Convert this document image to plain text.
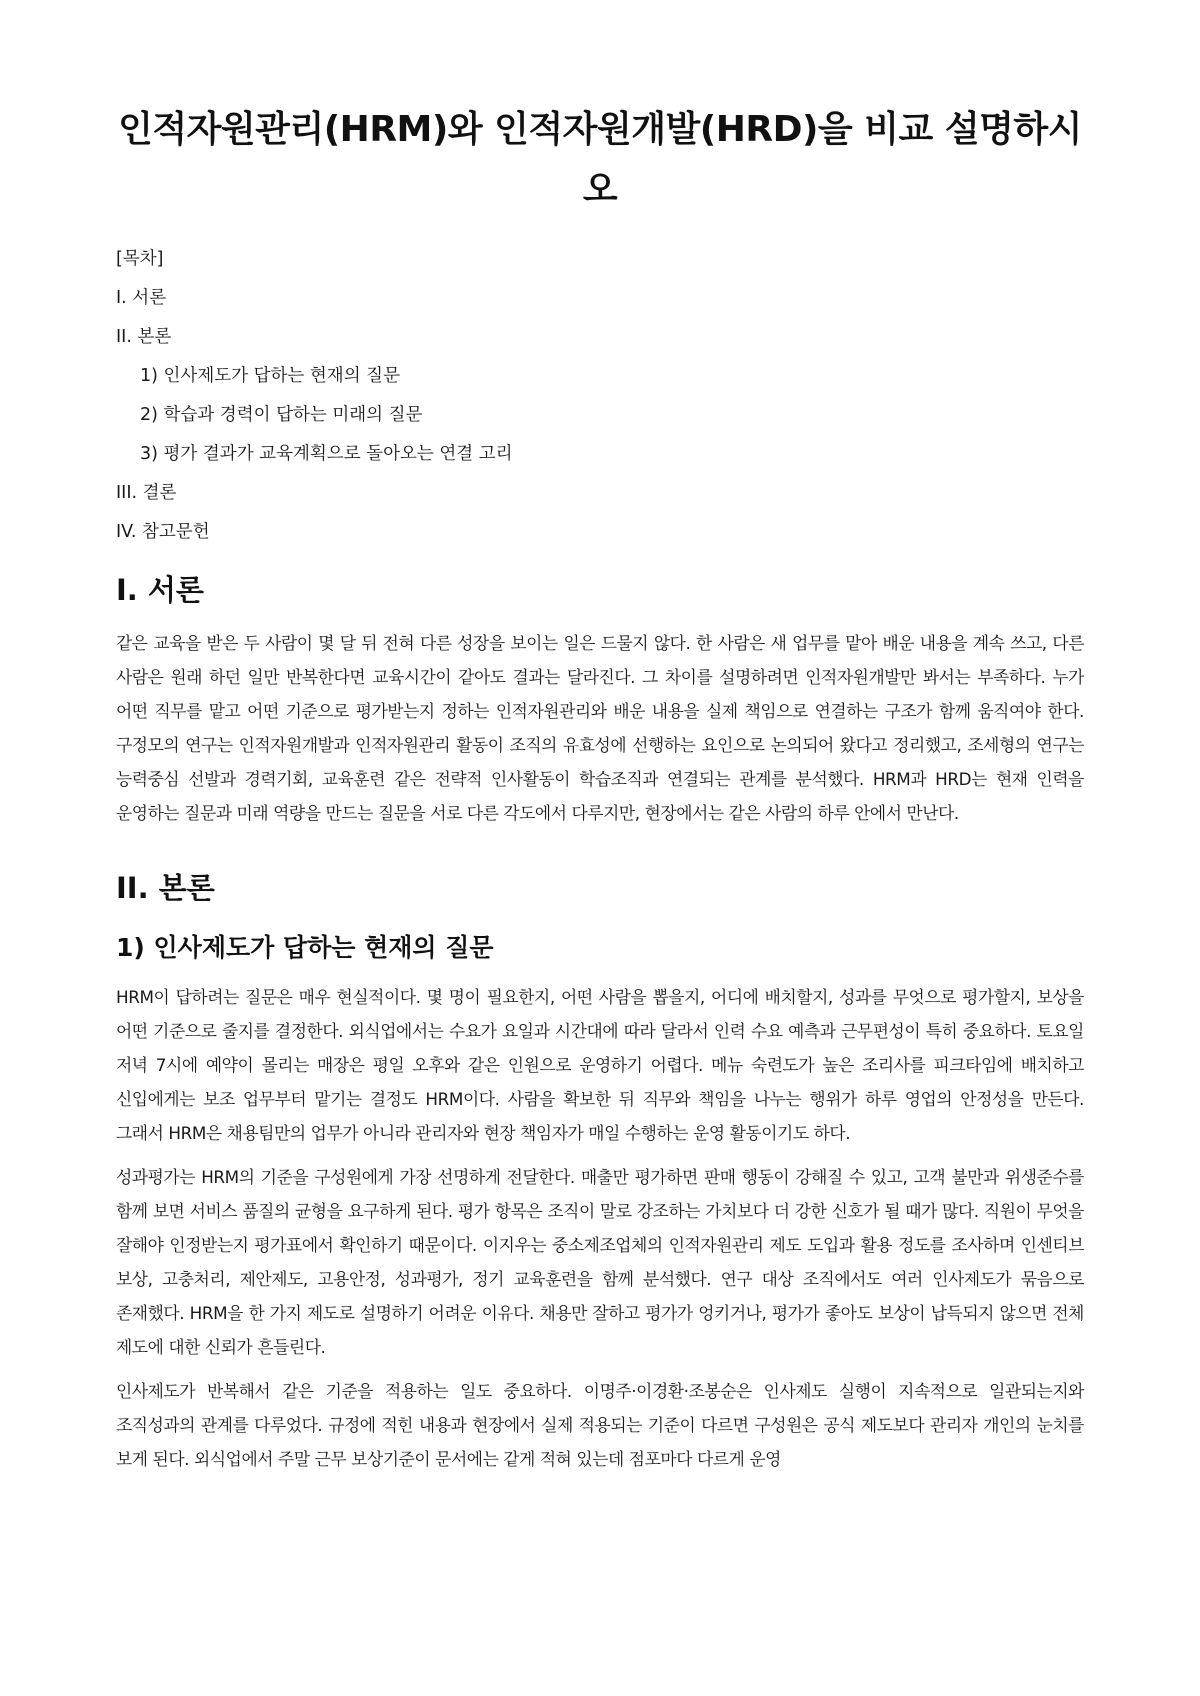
인적자원관리(HRM)와 인적자원개발(HRD)을 비교 설명하시오
[목차]
I. 서론
II. 본론
1) 인사제도가 답하는 현재의 질문
2) 학습과 경력이 답하는 미래의 질문
3) 평가 결과가 교육계획으로 돌아오는 연결 고리
III. 결론
IV. 참고문헌
I. 서론

같은 교육을 받은 두 사람이 몇 달 뒤 전혀 다른 성장을 보이는 일은 드물지 않다. 한 사람은 새 업무를 맡아 배운 내용을 계속 쓰고, 다른 사람은 원래 하던 일만 반복한다면 교육시간이 같아도 결과는 달라진다. 그 차이를 설명하려면 인적자원개발만 봐서는 부족하다. 누가 어떤 직무를 맡고 어떤 기준으로 평가받는지 정하는 인적자원관리와 배운 내용을 실제 책임으로 연결하는 구조가 함께 움직여야 한다. 구정모의 연구는 인적자원개발과 인적자원관리 활동이 조직의 유효성에 선행하는 요인으로 논의되어 왔다고 정리했고, 조세형의 연구는 능력중심 선발과 경력기회, 교육훈련 같은 전략적 인사활동이 학습조직과 연결되는 관계를 분석했다. HRM과 HRD는 현재 인력을 운영하는 질문과 미래 역량을 만드는 질문을 서로 다른 각도에서 다루지만, 현장에서는 같은 사람의 하루 안에서 만난다.

II. 본론
1) 인사제도가 답하는 현재의 질문

HRM이 답하려는 질문은 매우 현실적이다. 몇 명이 필요한지, 어떤 사람을 뽑을지, 어디에 배치할지, 성과를 무엇으로 평가할지, 보상을 어떤 기준으로 줄지를 결정한다. 외식업에서는 수요가 요일과 시간대에 따라 달라서 인력 수요 예측과 근무편성이 특히 중요하다. 토요일 저녁 7시에 예약이 몰리는 매장은 평일 오후와 같은 인원으로 운영하기 어렵다. 메뉴 숙련도가 높은 조리사를 피크타임에 배치하고 신입에게는 보조 업무부터 맡기는 결정도 HRM이다. 사람을 확보한 뒤 직무와 책임을 나누는 행위가 하루 영업의 안정성을 만든다. 그래서 HRM은 채용팀만의 업무가 아니라 관리자와 현장 책임자가 매일 수행하는 운영 활동이기도 하다.

성과평가는 HRM의 기준을 구성원에게 가장 선명하게 전달한다. 매출만 평가하면 판매 행동이 강해질 수 있고, 고객 불만과 위생준수를 함께 보면 서비스 품질의 균형을 요구하게 된다. 평가 항목은 조직이 말로 강조하는 가치보다 더 강한 신호가 될 때가 많다. 직원이 무엇을 잘해야 인정받는지 평가표에서 확인하기 때문이다. 이지우는 중소제조업체의 인적자원관리 제도 도입과 활용 정도를 조사하며 인센티브 보상, 고충처리, 제안제도, 고용안정, 성과평가, 정기 교육훈련을 함께 분석했다. 연구 대상 조직에서도 여러 인사제도가 묶음으로 존재했다. HRM을 한 가지 제도로 설명하기 어려운 이유다. 채용만 잘하고 평가가 엉키거나, 평가가 좋아도 보상이 납득되지 않으면 전체 제도에 대한 신뢰가 흔들린다.

인사제도가 반복해서 같은 기준을 적용하는 일도 중요하다. 이명주·이경환·조봉순은 인사제도 실행이 지속적으로 일관되는지와 조직성과의 관계를 다루었다. 규정에 적힌 내용과 현장에서 실제 적용되는 기준이 다르면 구성원은 공식 제도보다 관리자 개인의 눈치를 보게 된다. 외식업에서 주말 근무 보상기준이 문서에는 같게 적혀 있는데 점포마다 다르게 운영
